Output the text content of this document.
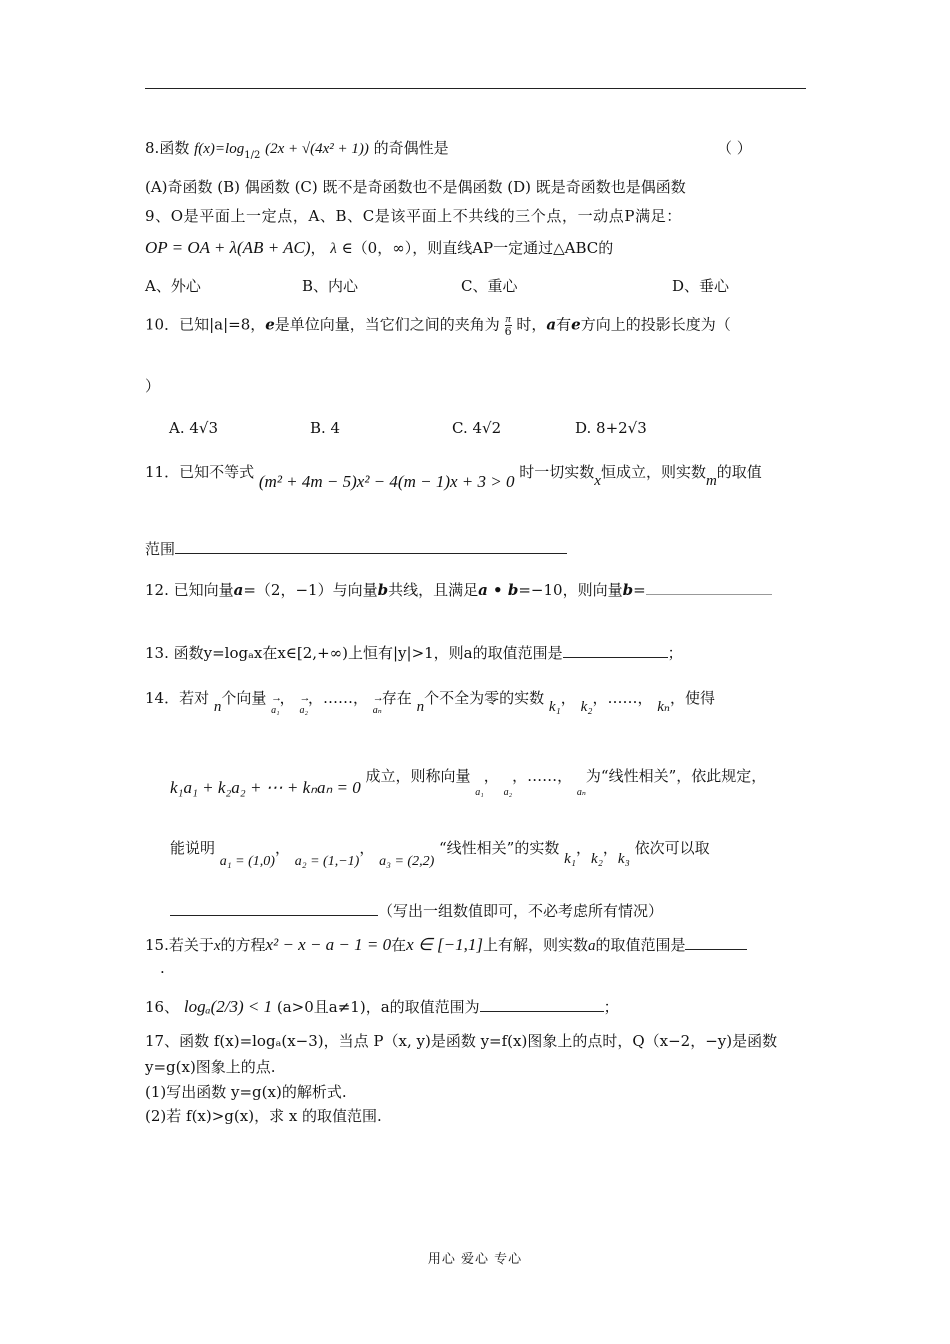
8.函数 $f(x)=\log_{1/2}$ (2x + √(4x² + 1)) 的奇偶性是	（ ）
(A)奇函数 (B) 偶函数 (C) 既不是奇函数也不是偶函数 (D) 既是奇函数也是偶函数
9、O是平面上一定点，A、B、C是该平面上不共线的三个点，一动点P满足：
OP = OA + λ(AB + AC)， λ ∈（0，∞），则直线AP一定通过△ABC的
A、外心	B、内心	C、重心	D、垂心
10．已知|a|=8，e是单位向量，当它们之间的夹角为 $\frac{\pi}{6}$ 时，a有e方向上的投影长度为（
）
A. 4√3	B. 4	C. 4√2	D. 8+2√3
11．已知不等式 (m² + 4m − 5)x² − 4(m − 1)x + 3 > 0 时一切实数x恒成立，则实数m的取值
范围
12. 已知向量a=（2，−1）与向量b共线，且满足a • b=−10，则向量b=
13. 函数y=logₐx在x∈[2,+∞)上恒有|y|>1，则a的取值范围是	；
14．若对 n个向量 → a₁， → a₂，……， → aₙ存在 n个不全为零的实数 k₁， k₂，……， kₙ，使得
k₁a₁ + k₂a₂ + ⋯ + kₙaₙ = 0 成立，则称向量 $_{a_1}$， $_{a_2}$，……， $_{a_n}$为“线性相关”，依此规定，
能说明 a₁ = (1,0)， a₂ = (1,−1)， a₃ = (2,2) “线性相关”的实数 k₁，k₂，k₃ 依次可以取
（写出一组数值即可，不必考虑所有情况）
15.若关于x的方程x² − x − a − 1 = 0在x ∈ [−1,1]上有解，则实数a的取值范围是
.
16、 logₐ(2/3) < 1 (a>0且a≠1)，a的取值范围为	；
17、函数 f(x)=logₐ(x−3)，当点 P（x, y)是函数 y=f(x)图象上的点时，Q（x−2，−y)是函数
y=g(x)图象上的点.
(1)写出函数 y=g(x)的解析式.
(2)若 f(x)>g(x)，求 x 的取值范围.
用心 爱心 专心
